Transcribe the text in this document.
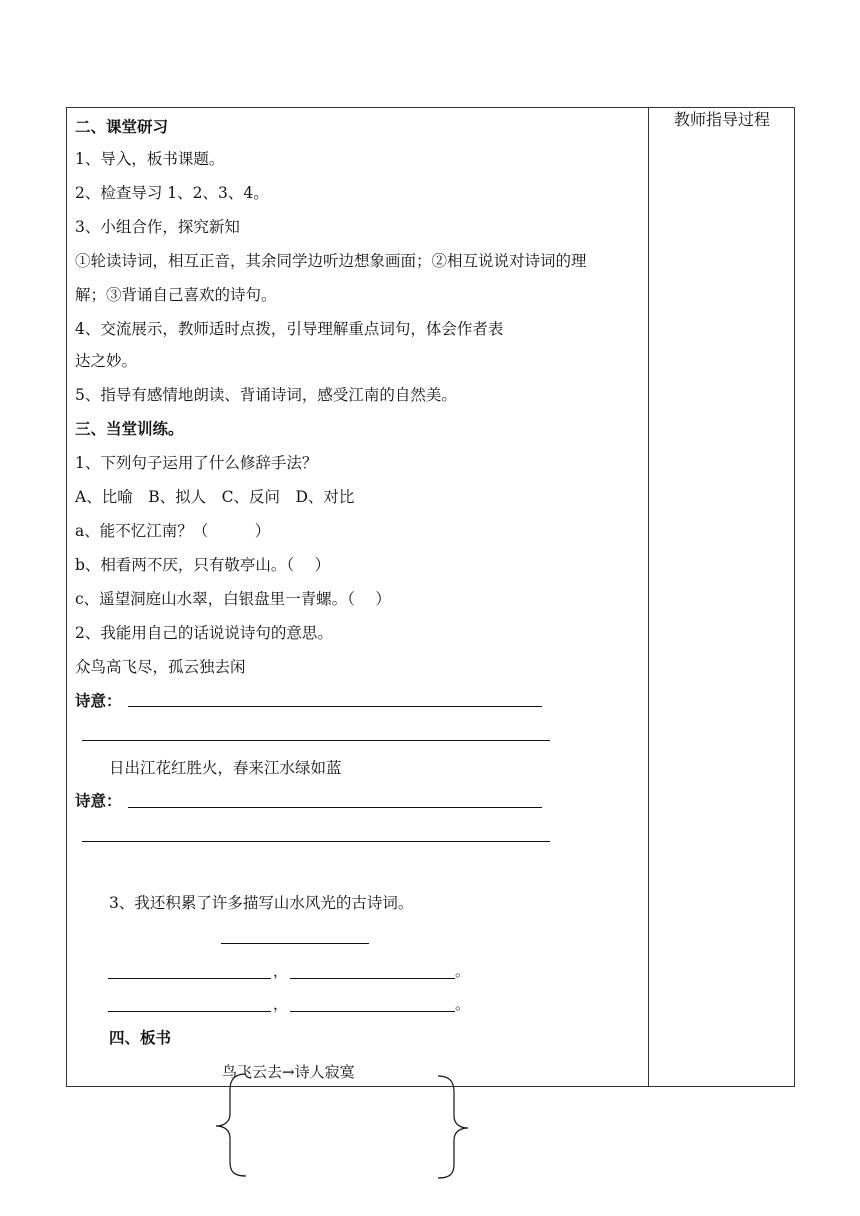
教师指导过程
二、课堂研习
1、导入，板书课题。
2、检查导习 1、2、3、4。
3、小组合作，探究新知
①轮读诗词，相互正音，其余同学边听边想象画面；②相互说说对诗词的理
解；③背诵自己喜欢的诗句。
4、交流展示，教师适时点拨，引导理解重点词句，体会作者表
达之妙。
5、指导有感情地朗读、背诵诗词，感受江南的自然美。
三、当堂训练。
1、下列句子运用了什么修辞手法？
A、比喻　B、拟人　C、反问　D、对比
a、能不忆江南？（　　　）
b、相看两不厌，只有敬亭山。（　 ）
c、遥望洞庭山水翠，白银盘里一青螺。（　 ）
2、我能用自己的话说说诗句的意思。
众鸟高飞尽，孤云独去闲
诗意：
日出江花红胜火，春来江水绿如蓝
诗意：
3、我还积累了许多描写山水风光的古诗词。
，	。
，	。
四、板书
鸟飞云去→诗人寂寞
